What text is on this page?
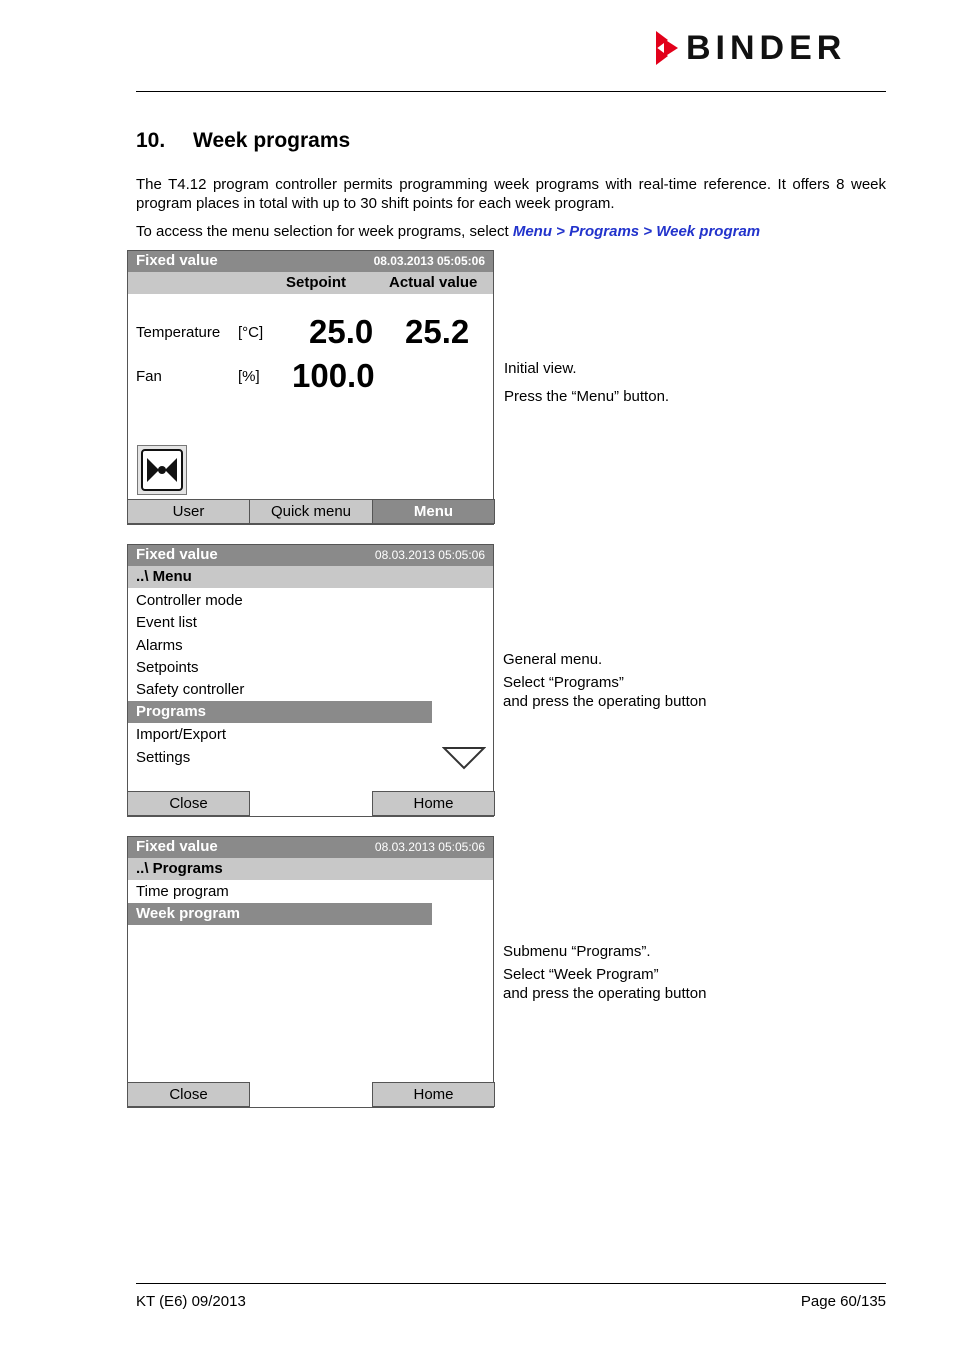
BINDER
10. Week programs
The T4.12 program controller permits programming week programs with real-time reference. It offers 8 week program places in total with up to 30 shift points for each week program.
To access the menu selection for week programs, select Menu > Programs > Week program
Fixed value	08.03.2013 05:05:06
Setpoint	Actual value
Temperature [°C] 25.0 25.2
Fan	[%] 100.0
User	Quick menu	Menu
Initial view.
Press the “Menu” button.
Fixed value	08.03.2013 05:05:06
..\ Menu
Controller mode
Event list
Alarms
Setpoints
Safety controller
Programs
Import/Export
Settings
Close	Home
General menu.
Select “Programs”
and press the operating button
Fixed value	08.03.2013 05:05:06
..\ Programs
Time program
Week program
Close	Home
Submenu “Programs”.
Select “Week Program”
and press the operating button
KT (E6) 09/2013	Page 60/135
